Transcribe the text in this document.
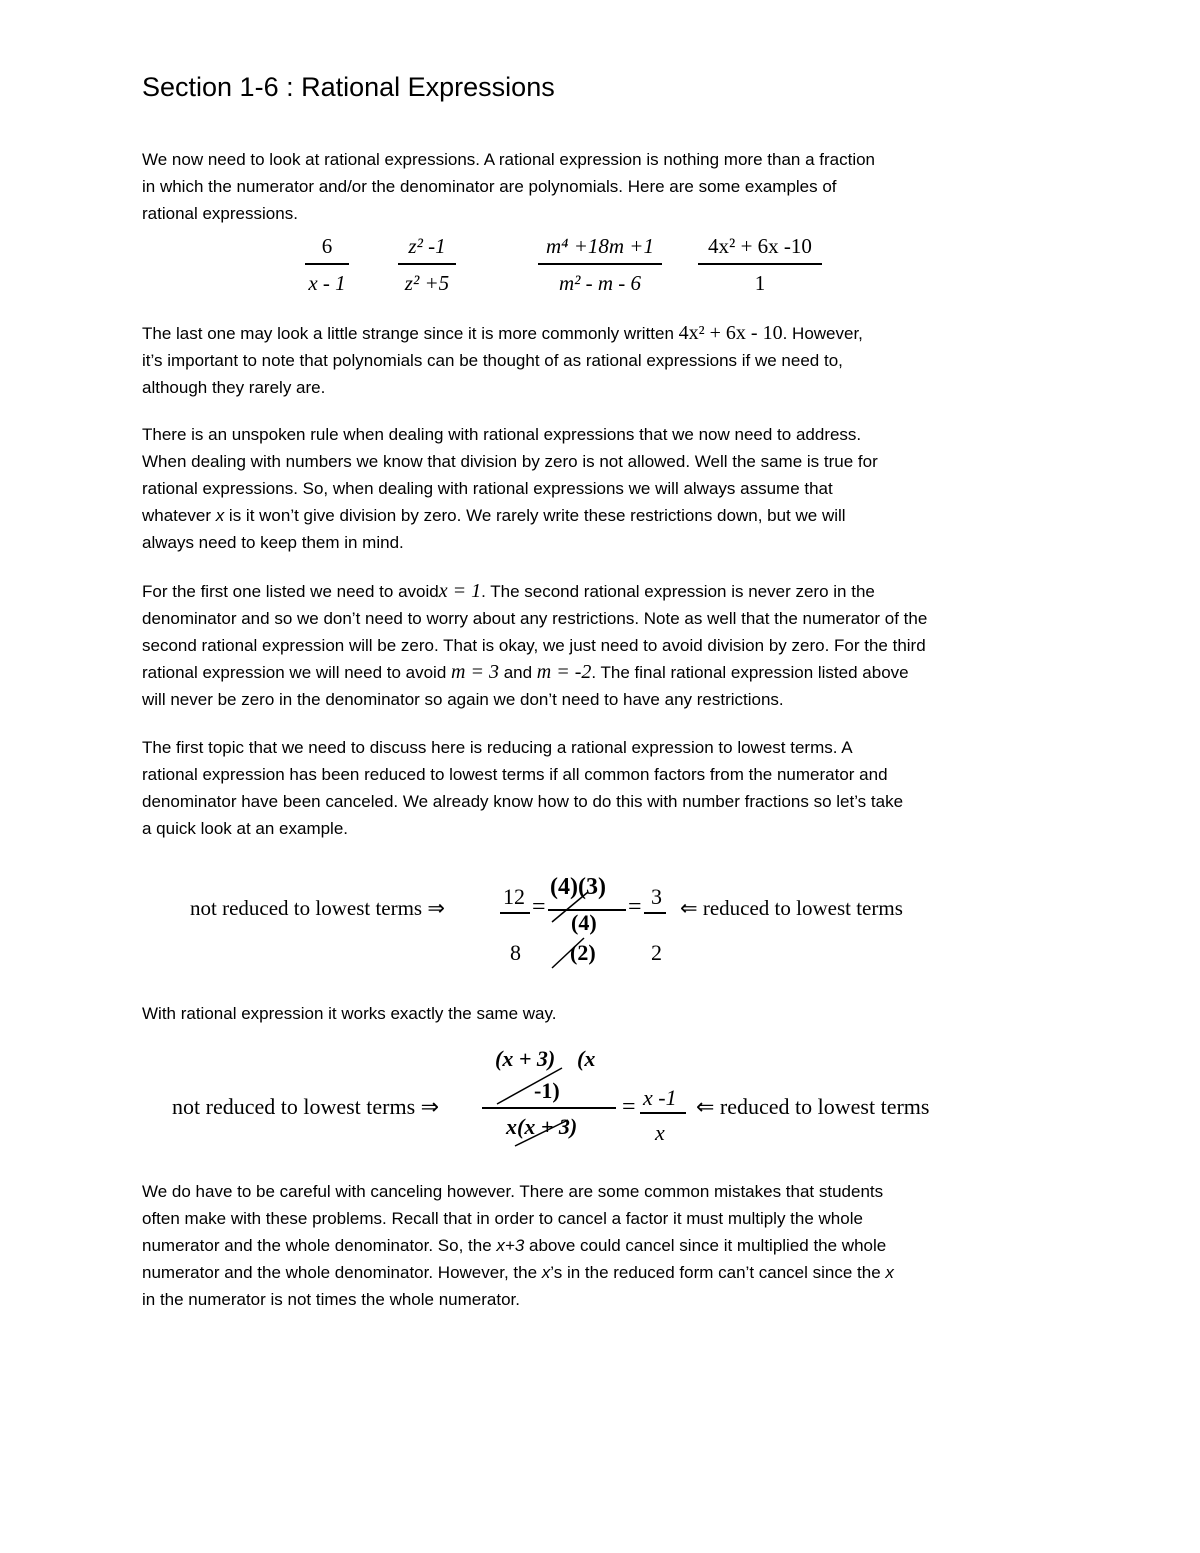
Section 1-6 : Rational Expressions

We now need to look at rational expressions. A rational expression is nothing more than a fraction
in which the numerator and/or the denominator are polynomials. Here are some examples of
rational expressions.

6
x - 1
z² -1
z² +5
m⁴ +18m +1
m² - m - 6
4x² + 6x -10
1

The last one may look a little strange since it is more commonly written 4x² + 6x - 10. However,
it’s important to note that polynomials can be thought of as rational expressions if we need to,
although they rarely are.

There is an unspoken rule when dealing with rational expressions that we now need to address.
When dealing with numbers we know that division by zero is not allowed. Well the same is true for
rational expressions. So, when dealing with rational expressions we will always assume that
whatever x is it won’t give division by zero. We rarely write these restrictions down, but we will
always need to keep them in mind.

For the first one listed we need to avoidx = 1. The second rational expression is never zero in the
denominator and so we don’t need to worry about any restrictions. Note as well that the numerator of the
second rational expression will be zero. That is okay, we just need to avoid division by zero. For the third
rational expression we will need to avoid m = 3 and m = -2. The final rational expression listed above
will never be zero in the denominator so again we don’t need to have any restrictions.

The first topic that we need to discuss here is reducing a rational expression to lowest terms. A
rational expression has been reduced to lowest terms if all common factors from the numerator and
denominator have been canceled. We already know how to do this with number fractions so let’s take
a quick look at an example.

not reduced to lowest terms ⇒	12
8
=
(4)(3)
(4)
(2)
= 3
2
⇐ reduced to lowest terms

With rational expression it works exactly the same way.

not reduced to lowest terms ⇒
(x + 3) (x
-1)
x(x + 3)
= x -1
x
⇐ reduced to lowest terms

We do have to be careful with canceling however. There are some common mistakes that students
often make with these problems. Recall that in order to cancel a factor it must multiply the whole
numerator and the whole denominator. So, the x+3 above could cancel since it multiplied the whole
numerator and the whole denominator. However, the x’s in the reduced form can’t cancel since the x
in the numerator is not times the whole numerator.
